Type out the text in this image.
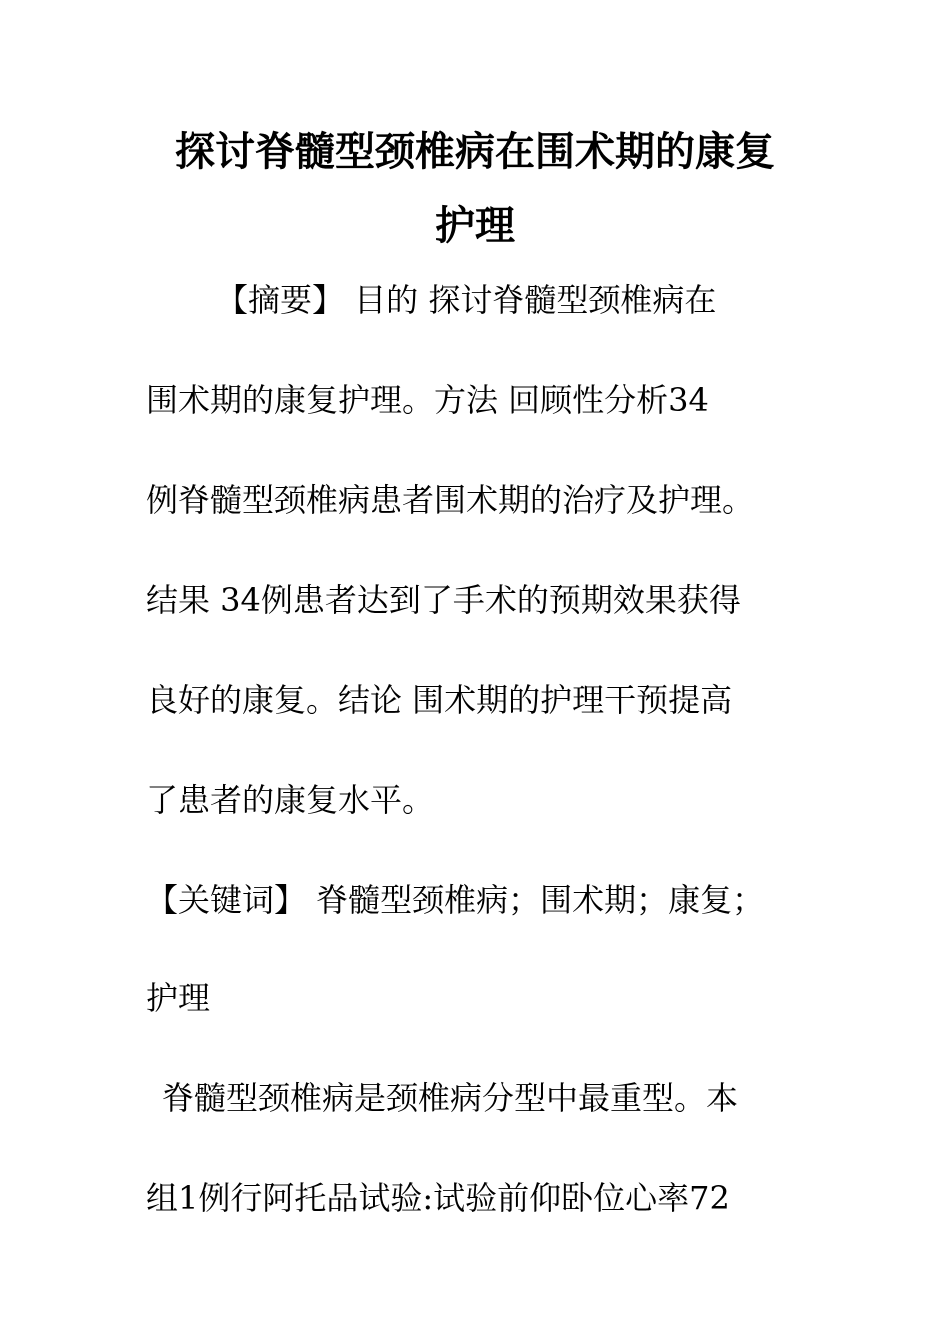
探讨脊髓型颈椎病在围术期的康复
护理

【摘要】 目的 探讨脊髓型颈椎病在

围术期的康复护理。方法 回顾性分析34

例脊髓型颈椎病患者围术期的治疗及护理。

结果 34例患者达到了手术的预期效果获得

良好的康复。结论 围术期的护理干预提高

了患者的康复水平。

【关键词】 脊髓型颈椎病；围术期；康复；

护理

脊髓型颈椎病是颈椎病分型中最重型。本

组1例行阿托品试验:试验前仰卧位心率72
